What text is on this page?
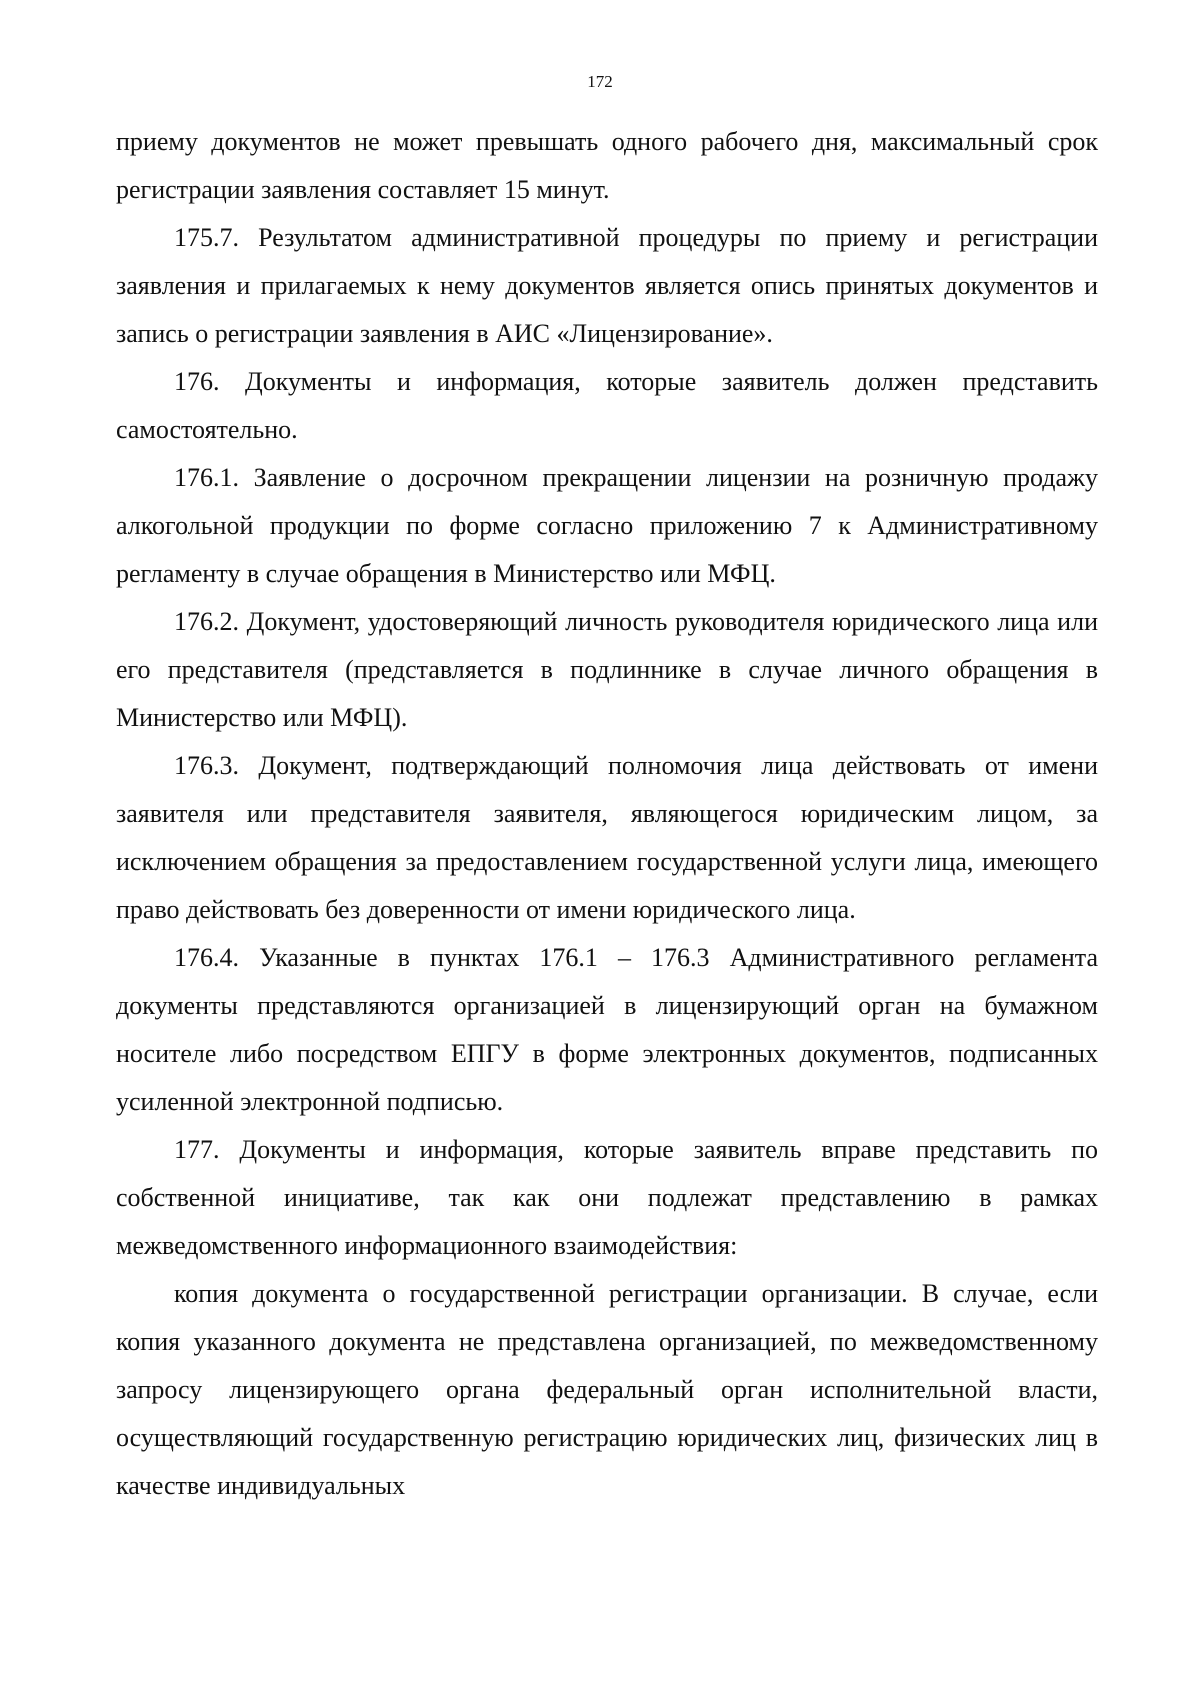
172

приему документов не может превышать одного рабочего дня, максимальный срок регистрации заявления составляет 15 минут.

175.7. Результатом административной процедуры по приему и регистрации заявления и прилагаемых к нему документов является опись принятых документов и запись о регистрации заявления в АИС «Лицензирование».

176. Документы и информация, которые заявитель должен представить самостоятельно.

176.1. Заявление о досрочном прекращении лицензии на розничную продажу алкогольной продукции по форме согласно приложению 7 к Административному регламенту в случае обращения в Министерство или МФЦ.

176.2. Документ, удостоверяющий личность руководителя юридического лица или его представителя (представляется в подлиннике в случае личного обращения в Министерство или МФЦ).

176.3. Документ, подтверждающий полномочия лица действовать от имени заявителя или представителя заявителя, являющегося юридическим лицом, за исключением обращения за предоставлением государственной услуги лица, имеющего право действовать без доверенности от имени юридического лица.

176.4. Указанные в пунктах 176.1 – 176.3 Административного регламента документы представляются организацией в лицензирующий орган на бумажном носителе либо посредством ЕПГУ в форме электронных документов, подписанных усиленной электронной подписью.

177. Документы и информация, которые заявитель вправе представить по собственной инициативе, так как они подлежат представлению в рамках межведомственного информационного взаимодействия:

копия документа о государственной регистрации организации. В случае, если копия указанного документа не представлена организацией, по межведомственному запросу лицензирующего органа федеральный орган исполнительной власти, осуществляющий государственную регистрацию юридических лиц, физических лиц в качестве индивидуальных
